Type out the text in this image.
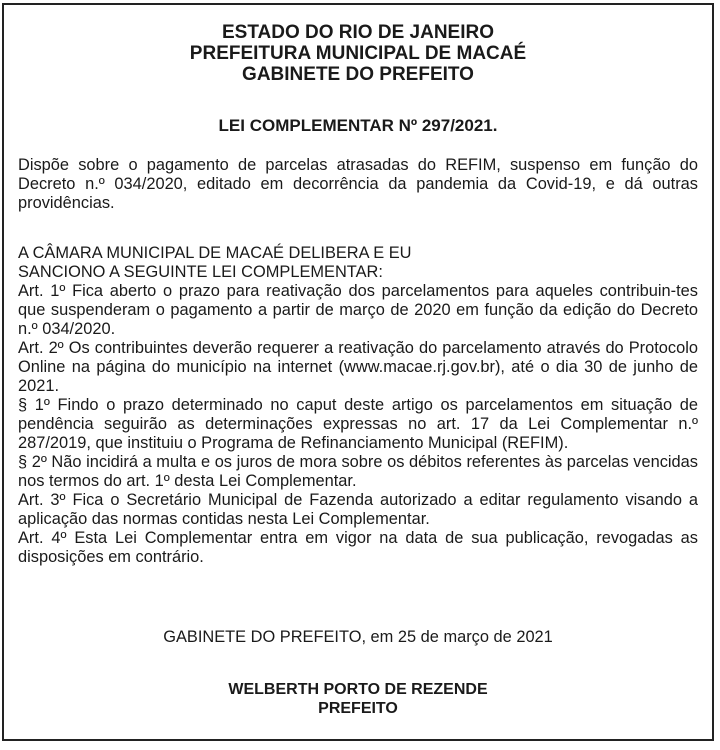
ESTADO DO RIO DE JANEIRO
PREFEITURA MUNICIPAL DE MACAÉ
GABINETE DO PREFEITO
LEI COMPLEMENTAR Nº 297/2021.

Dispõe sobre o pagamento de parcelas atrasadas do REFIM, suspenso em função do Decreto n.º 034/2020, editado em decorrência da pandemia da Covid-19, e dá outras providências.

A CÂMARA MUNICIPAL DE MACAÉ DELIBERA E EU

SANCIONO A SEGUINTE LEI COMPLEMENTAR:

Art. 1º Fica aberto o prazo para reativação dos parcelamentos para aqueles contribuin-tes que suspenderam o pagamento a partir de março de 2020 em função da edição do Decreto n.º 034/2020.

Art. 2º Os contribuintes deverão requerer a reativação do parcelamento através do Protocolo Online na página do município na internet (www.macae.rj.gov.br), até o dia 30 de junho de 2021.

§ 1º Findo o prazo determinado no caput deste artigo os parcelamentos em situação de pendência seguirão as determinações expressas no art. 17 da Lei Complementar n.º 287/2019, que instituiu o Programa de Refinanciamento Municipal (REFIM).

§ 2º Não incidirá a multa e os juros de mora sobre os débitos referentes às parcelas vencidas nos termos do art. 1º desta Lei Complementar.

Art. 3º Fica o Secretário Municipal de Fazenda autorizado a editar regulamento visando a aplicação das normas contidas nesta Lei Complementar.

Art. 4º Esta Lei Complementar entra em vigor na data de sua publicação, revogadas as disposições em contrário.

GABINETE DO PREFEITO, em 25 de março de 2021
WELBERTH PORTO DE REZENDE
PREFEITO
